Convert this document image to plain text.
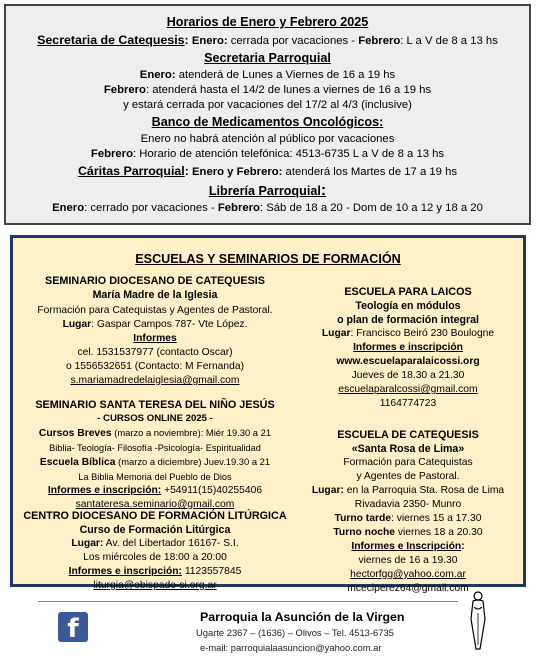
Horarios de Enero y Febrero 2025
Secretaria de Catequesis: Enero: cerrada por vacaciones - Febrero: L a V de 8 a 13 hs
Secretaria Parroquial
Enero: atenderá de Lunes a Viernes de 16 a 19 hs
Febrero: atenderá hasta el 14/2 de lunes a viernes de 16 a 19 hs
y estará cerrada por vacaciones del 17/2 al 4/3 (inclusive)
Banco de Medicamentos Oncológicos:
Enero no habrá atención al público por vacaciones
Febrero: Horario de atención telefónica: 4513-6735 L a V de 8 a 13 hs
Cáritas Parroquial: Enero y Febrero: atenderá los Martes de 17 a 19 hs
Librería Parroquial:
Enero: cerrado por vacaciones - Febrero: Sáb de 18 a 20 - Dom de 10 a 12 y 18 a 20
ESCUELAS Y SEMINARIOS DE FORMACIÓN
SEMINARIO DIOCESANO DE CATEQUESIS
María Madre de la Iglesia
Formación para Catequistas y Agentes de Pastoral.
Lugar: Gaspar Campos 787- Vte López.
Informes
cel. 1531537977 (contacto Oscar)
o 1556532651 (Contacto: M Fernanda)
s.mariamadredelaiglesia@gmail.com
SEMINARIO SANTA TERESA DEL NIÑO JESÚS
- CURSOS ONLINE 2025 -
Cursos Breves (marzo a noviembre): Miér 19.30 a 21
Biblia- Teología- Filosofía -Psicología- Espiritualidad
Escuela Bíblica (marzo a diciembre) Juev.19.30 a 21
La Biblia Memoria del Pueblo de Dios
Informes e inscripción: +54911(15)40255406
santateresa.seminario@gmail.com
CENTRO DIOCESANO DE FORMACIÓN LITÚRGICA
Curso de Formación Litúrgica
Lugar: Av. del Libertador 16167- S.I.
Los miércoles de 18:00 a 20:00
Informes e inscripción: 1123557845
liturgia@obispado-si.org.ar
ESCUELA PARA LAICOS
Teología en módulos
o plan de formación integral
Lugar: Francisco Beiró 230 Boulogne
Informes e inscripción
www.escuelaparalaicossi.org
Jueves de 18.30 a 21.30
escuelaparalcossi@gmail.com
1164774723
ESCUELA DE CATEQUESIS
«Santa Rosa de Lima»
Formación para Catequistas
y Agentes de Pastoral.
Lugar: en la Parroquia Sta. Rosa de Lima
Rivadavia 2350- Munro
Turno tarde: viernes 15 a 17.30
Turno noche viernes 18 a 20.30
Informes e Inscripción:
viernes de 16 a 19.30
hectorfgg@yahoo.com.ar
mceciperez64@gmail.com
f	Parroquia la Asunción de la Virgen
Ugarte 2367 – (1636) – Olivos – Tel. 4513-6735
e-mail: parroquialaasuncion@yahoo.com.ar
